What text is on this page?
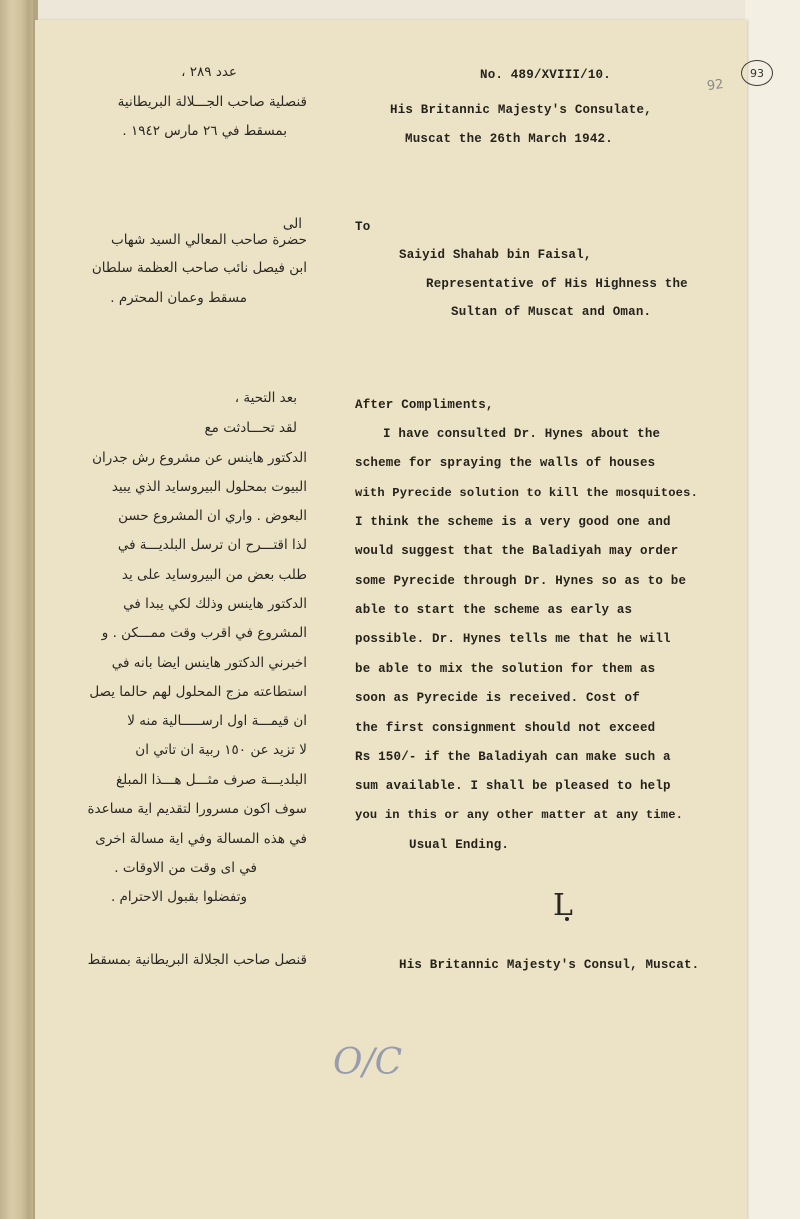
93
92
No. 489/XVIII/10.
His Britannic Majesty's Consulate,
Muscat the 26th March 1942.
To
Saiyid Shahab bin Faisal,
Representative of His Highness the
Sultan of Muscat and Oman.
After Compliments,
I have consulted Dr. Hynes about the
scheme for spraying the walls of houses
with Pyrecide solution to kill the mosquitoes.
I think the scheme is a very good one and
would suggest that the Baladiyah may order
some Pyrecide through Dr. Hynes so as to be
able to start the scheme as early as
possible. Dr. Hynes tells me that he will
be able to mix the solution for them as
soon as Pyrecide is received. Cost of
the first consignment should not exceed
Rs 150/- if the Baladiyah can make such a
sum available. I shall be pleased to help
you in this or any other matter at any time.
Usual Ending.
L
His Britannic Majesty's Consul, Muscat.
عدد ٢٨٩ ،
قنصلية صاحب الجـــلالة البريطانية
بمسقط في ٢٦ مارس ١٩٤٢ .
الى
حضرة صاحب المعالي السيد شهاب
ابن فيصل نائب صاحب العظمة سلطان
مسقط وعمان المحترم .
بعد التحية ،
لقد تحـــادثت مع
الدكتور هاينس عن مشروع رش جدران
البيوت بمحلول البيروسايد الذي يبيد
البعوض . واري ان المشروع حسن
لذا اقتـــرح ان ترسل البلديـــة في
طلب بعض من البيروسايد على يد
الدكتور هاينس وذلك لكي يبدا في
المشروع في اقرب وقت ممـــكن . و
اخبرني الدكتور هاينس ايضا بانه في
استطاعته مزج المحلول لهم حالما يصل
ان قيمـــة اول ارســـــالية منه لا
لا تزيد عن ١٥٠ ربية ان تاتي ان
البلديـــة صرف مثـــل هـــذا المبلغ
سوف اكون مسرورا لتقديم اية مساعدة
في هذه المسالة وفي اية مسالة اخرى
في اى وقت من الاوقات .
وتفضلوا بقبول الاحترام .
قنصل صاحب الجلالة البريطانية بمسقط
O/C
